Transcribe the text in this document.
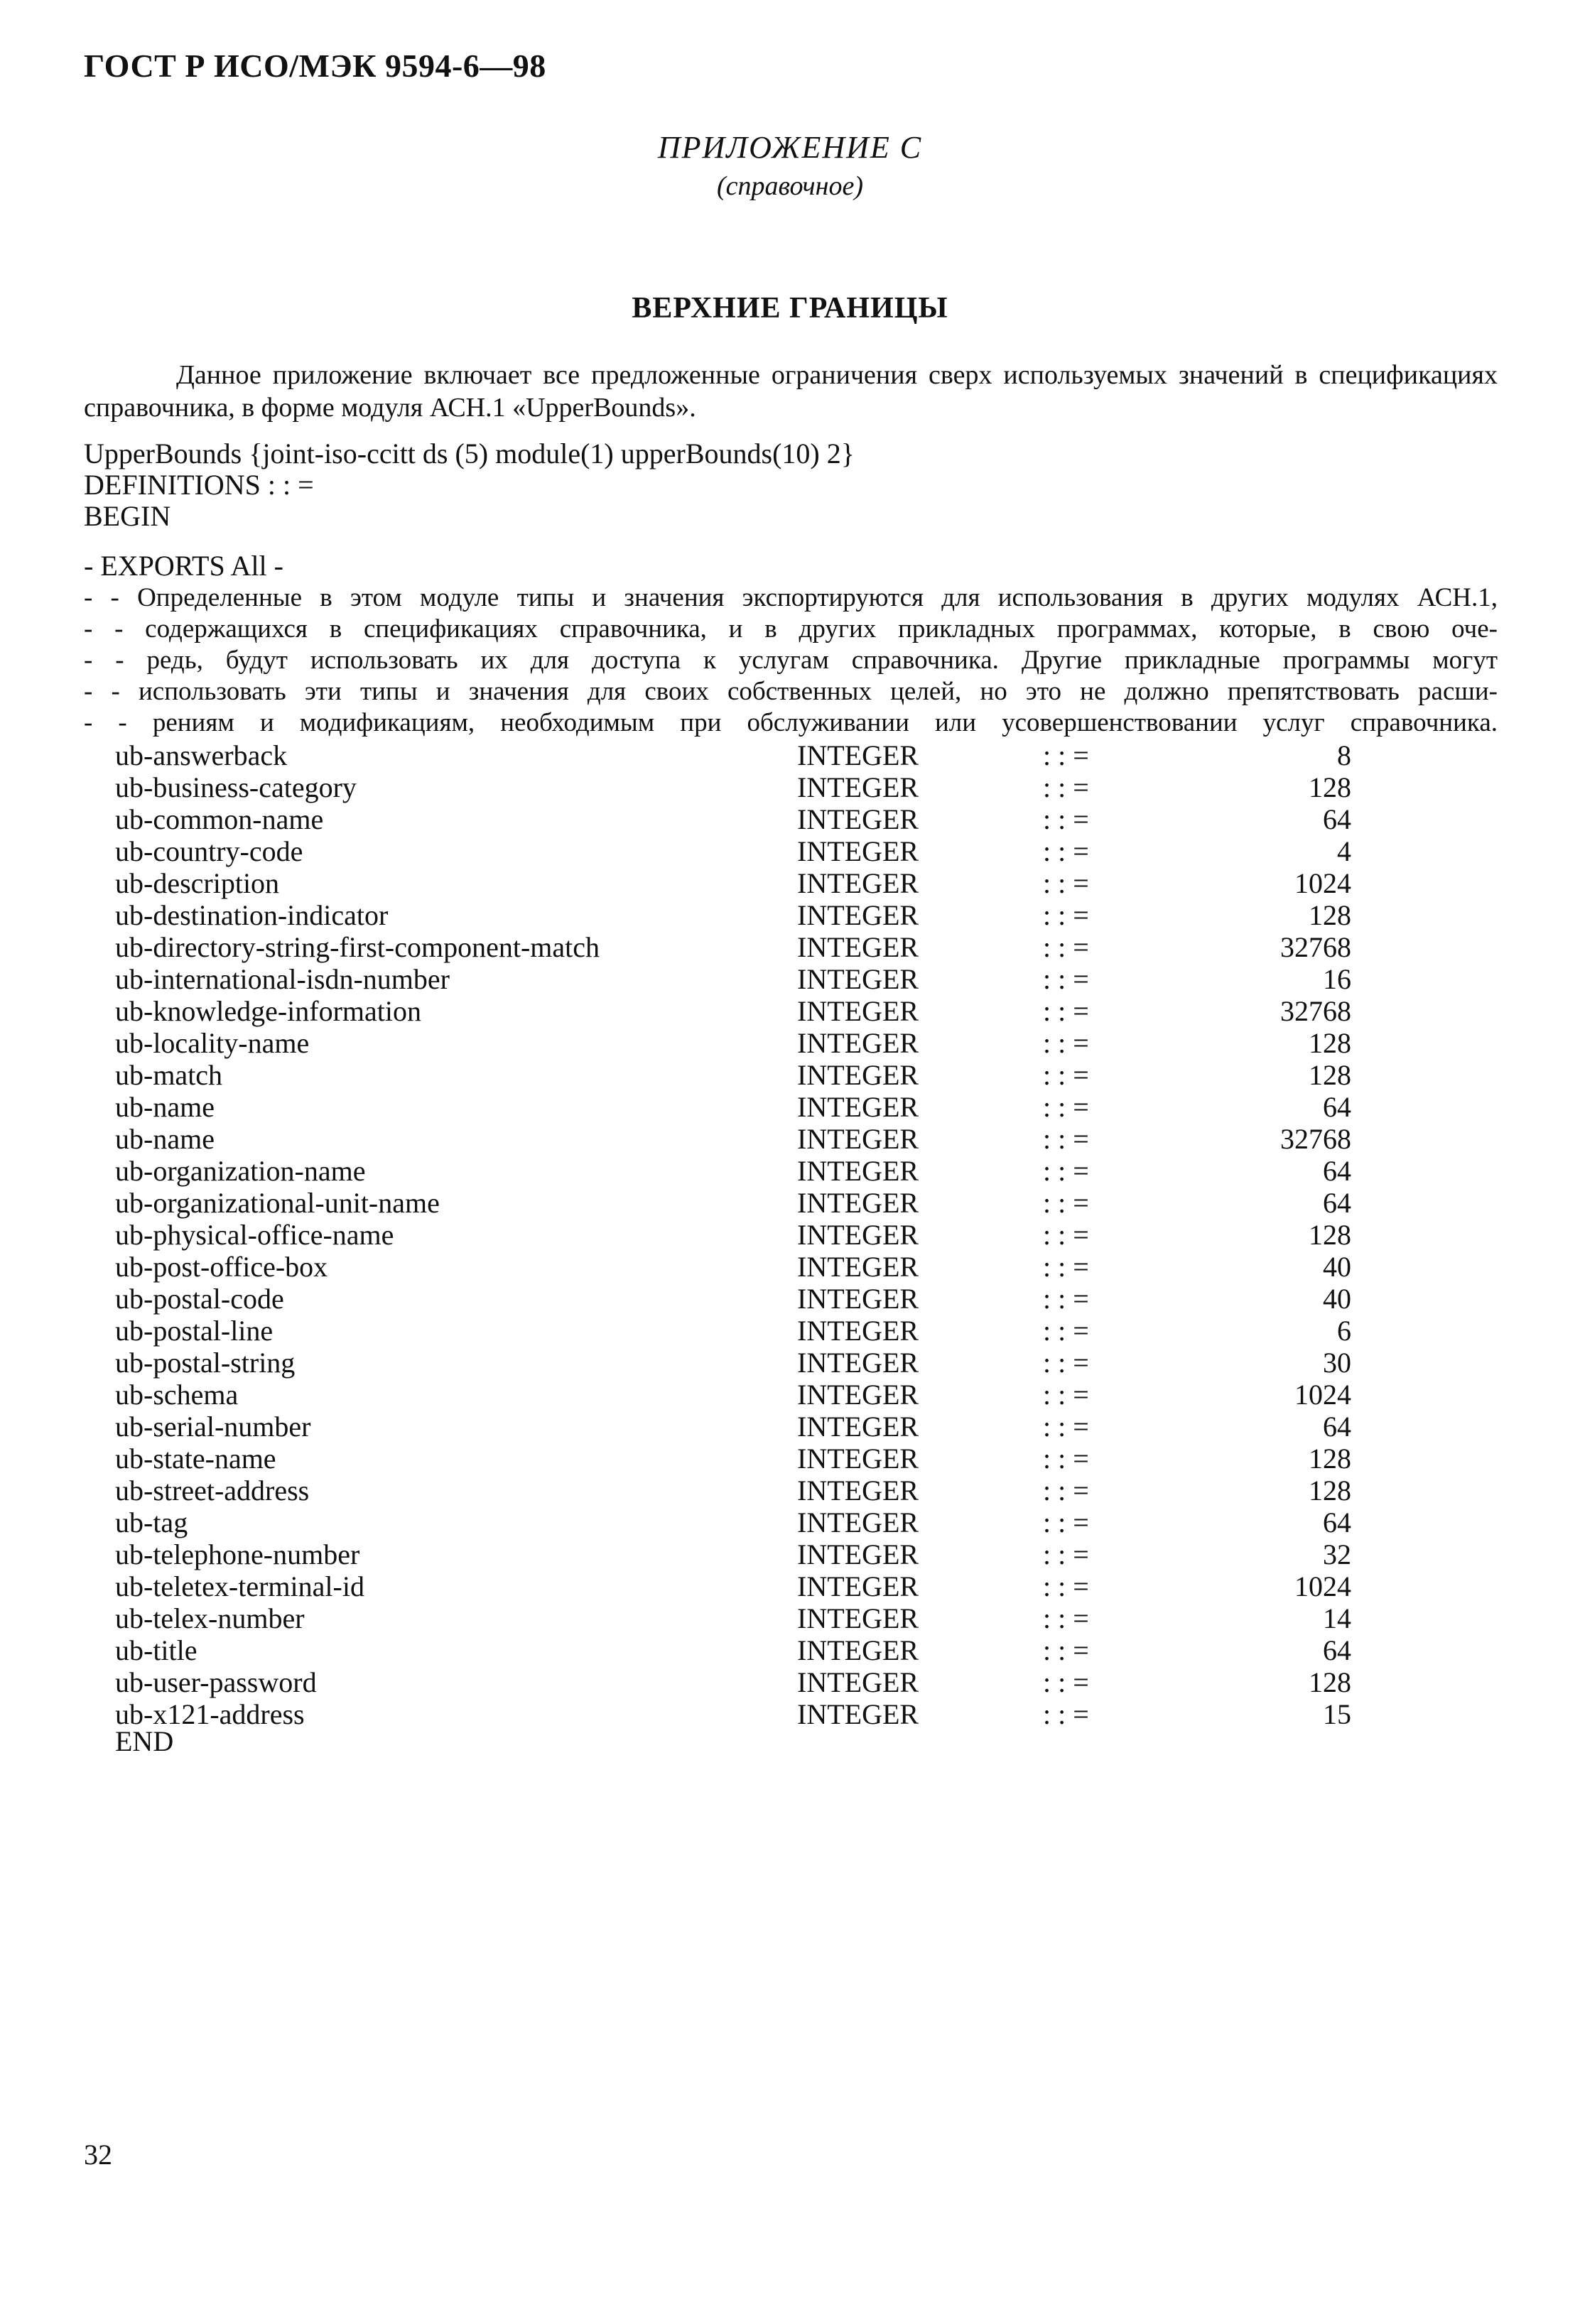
ГОСТ Р ИСО/МЭК 9594-6—98
ПРИЛОЖЕНИЕ С
(справочное)
ВЕРХНИЕ ГРАНИЦЫ
Данное приложение включает все предложенные ограничения сверх используемых значений в спецификациях справочника, в форме модуля АСН.1 «UpperBounds».
UpperBounds {joint-iso-ccitt ds (5) module(1) upperBounds(10) 2}
DEFINITIONS : : =
BEGIN
- EXPORTS All -
- - Определенные в этом модуле типы и значения экспортируются для использования в других модулях АСН.1,
- - содержащихся в спецификациях справочника, и в других прикладных программах, которые, в свою оче-
- - редь, будут использовать их для доступа к услугам справочника. Другие прикладные программы могут
- - использовать эти типы и значения для своих собственных целей, но это не должно препятствовать расши-
- - рениям и модификациям, необходимым при обслуживании или усовершенствовании услуг справочника.
ub-answerback	INTEGER	: : =	8
ub-business-category	INTEGER	: : =	128
ub-common-name	INTEGER	: : =	64
ub-country-code	INTEGER	: : =	4
ub-description	INTEGER	: : =	1024
ub-destination-indicator	INTEGER	: : =	128
ub-directory-string-first-component-match	INTEGER	: : =	32768
ub-international-isdn-number	INTEGER	: : =	16
ub-knowledge-information	INTEGER	: : =	32768
ub-locality-name	INTEGER	: : =	128
ub-match	INTEGER	: : =	128
ub-name	INTEGER	: : =	64
ub-name	INTEGER	: : =	32768
ub-organization-name	INTEGER	: : =	64
ub-organizational-unit-name	INTEGER	: : =	64
ub-physical-office-name	INTEGER	: : =	128
ub-post-office-box	INTEGER	: : =	40
ub-postal-code	INTEGER	: : =	40
ub-postal-line	INTEGER	: : =	6
ub-postal-string	INTEGER	: : =	30
ub-schema	INTEGER	: : =	1024
ub-serial-number	INTEGER	: : =	64
ub-state-name	INTEGER	: : =	128
ub-street-address	INTEGER	: : =	128
ub-tag	INTEGER	: : =	64
ub-telephone-number	INTEGER	: : =	32
ub-teletex-terminal-id	INTEGER	: : =	1024
ub-telex-number	INTEGER	: : =	14
ub-title	INTEGER	: : =	64
ub-user-password	INTEGER	: : =	128
ub-x121-address	INTEGER	: : =	15
END
32
